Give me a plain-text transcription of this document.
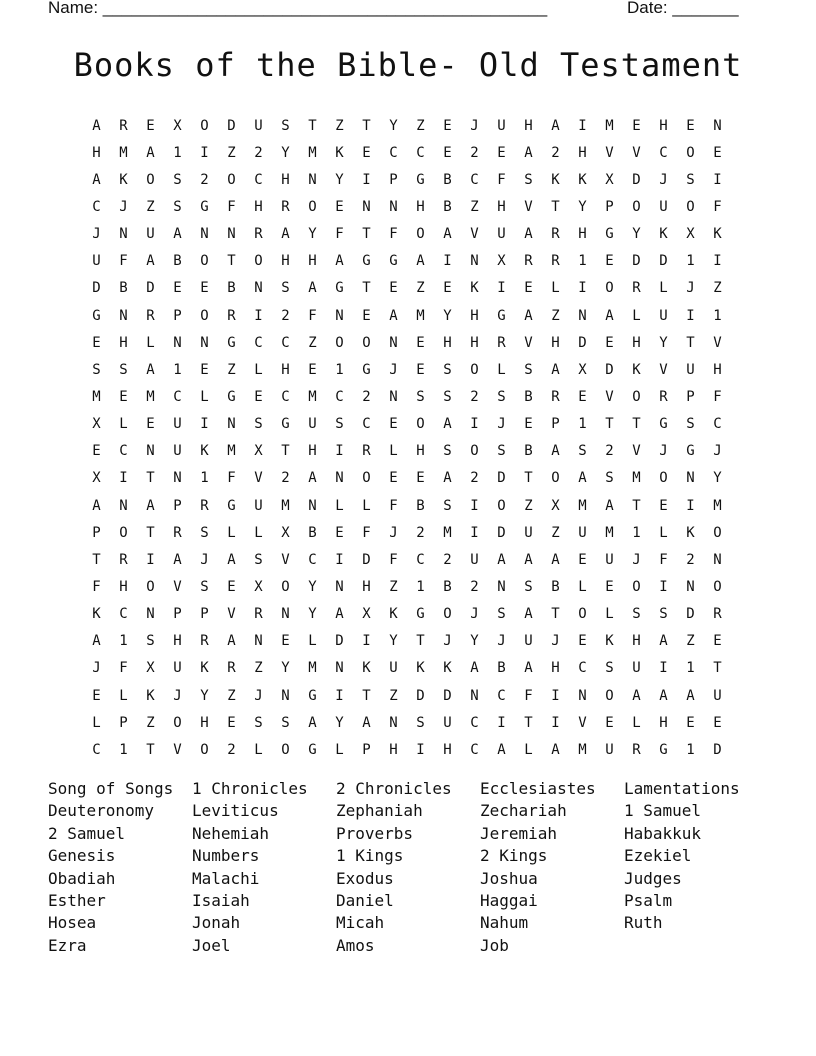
Name: _______________________________________________	Date: _______
Books of the Bible- Old Testament
A	R	E	X	O	D	U	S	T	Z	T	Y	Z	E	J	U	H	A	I	M	E	H	E	N
H	M	A	1	I	Z	2	Y	M	K	E	C	C	E	2	E	A	2	H	V	V	C	O	E
A	K	O	S	2	O	C	H	N	Y	I	P	G	B	C	F	S	K	K	X	D	J	S	I
C	J	Z	S	G	F	H	R	O	E	N	N	H	B	Z	H	V	T	Y	P	O	U	O	F
J	N	U	A	N	N	R	A	Y	F	T	F	O	A	V	U	A	R	H	G	Y	K	X	K
U	F	A	B	O	T	O	H	H	A	G	G	A	I	N	X	R	R	1	E	D	D	1	I
D	B	D	E	E	B	N	S	A	G	T	E	Z	E	K	I	E	L	I	O	R	L	J	Z
G	N	R	P	O	R	I	2	F	N	E	A	M	Y	H	G	A	Z	N	A	L	U	I	1
E	H	L	N	N	G	C	C	Z	O	O	N	E	H	H	R	V	H	D	E	H	Y	T	V
S	S	A	1	E	Z	L	H	E	1	G	J	E	S	O	L	S	A	X	D	K	V	U	H
M	E	M	C	L	G	E	C	M	C	2	N	S	S	2	S	B	R	E	V	O	R	P	F
X	L	E	U	I	N	S	G	U	S	C	E	O	A	I	J	E	P	1	T	T	G	S	C
E	C	N	U	K	M	X	T	H	I	R	L	H	S	O	S	B	A	S	2	V	J	G	J
X	I	T	N	1	F	V	2	A	N	O	E	E	A	2	D	T	O	A	S	M	O	N	Y
A	N	A	P	R	G	U	M	N	L	L	F	B	S	I	O	Z	X	M	A	T	E	I	M
P	O	T	R	S	L	L	X	B	E	F	J	2	M	I	D	U	Z	U	M	1	L	K	O
T	R	I	A	J	A	S	V	C	I	D	F	C	2	U	A	A	A	E	U	J	F	2	N
F	H	O	V	S	E	X	O	Y	N	H	Z	1	B	2	N	S	B	L	E	O	I	N	O
K	C	N	P	P	V	R	N	Y	A	X	K	G	O	J	S	A	T	O	L	S	S	D	R
A	1	S	H	R	A	N	E	L	D	I	Y	T	J	Y	J	U	J	E	K	H	A	Z	E
J	F	X	U	K	R	Z	Y	M	N	K	U	K	K	A	B	A	H	C	S	U	I	1	T
E	L	K	J	Y	Z	J	N	G	I	T	Z	D	D	N	C	F	I	N	O	A	A	A	U
L	P	Z	O	H	E	S	S	A	Y	A	N	S	U	C	I	T	I	V	E	L	H	E	E
C	1	T	V	O	2	L	O	G	L	P	H	I	H	C	A	L	A	M	U	R	G	1	D
Song of Songs	1 Chronicles	2 Chronicles	Ecclesiastes	Lamentations
Deuteronomy	Leviticus	Zephaniah	Zechariah	1 Samuel
2 Samuel	Nehemiah	Proverbs	Jeremiah	Habakkuk
Genesis	Numbers	1 Kings	2 Kings	Ezekiel
Obadiah	Malachi	Exodus	Joshua	Judges
Esther	Isaiah	Daniel	Haggai	Psalm
Hosea	Jonah	Micah	Nahum	Ruth
Ezra	Joel	Amos	Job
